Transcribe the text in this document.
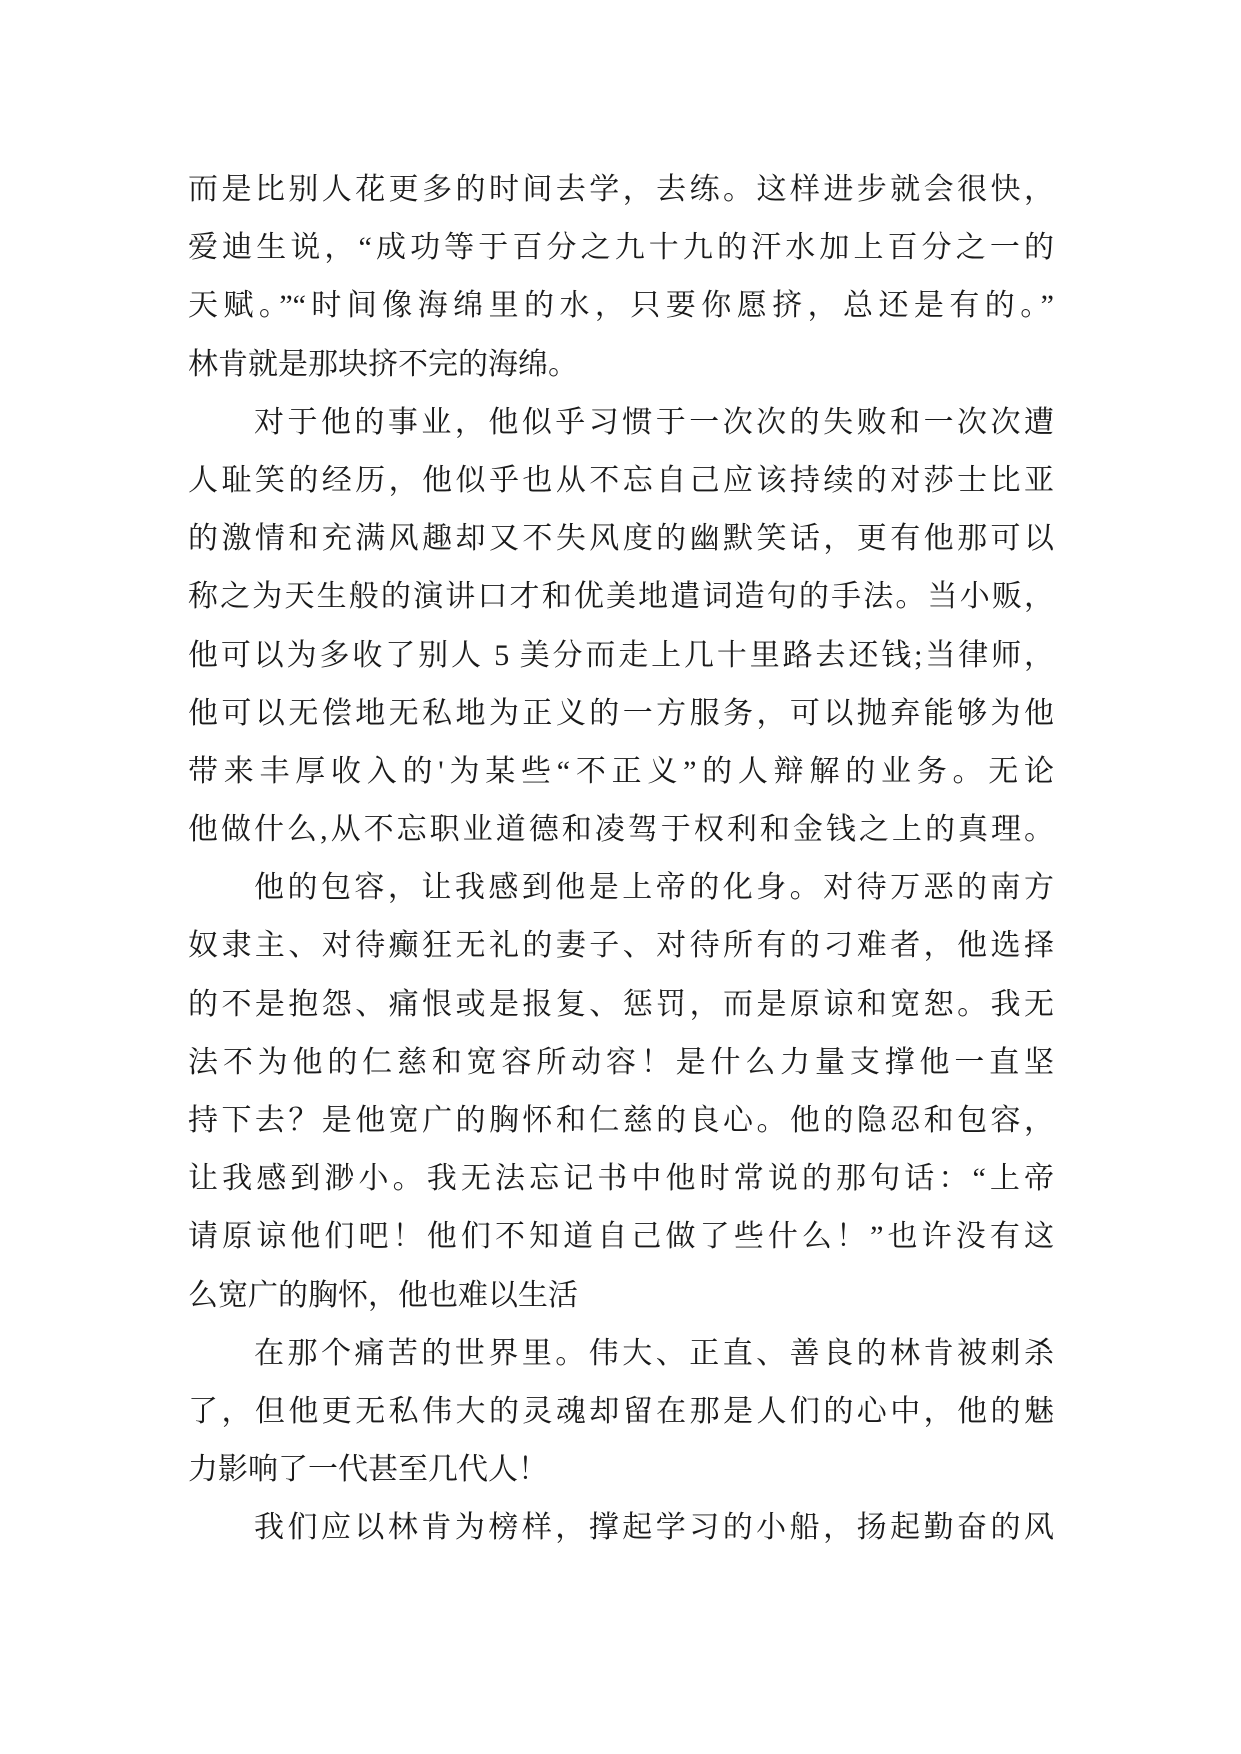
而是比别人花更多的时间去学，去练。这样进步就会很快，
爱迪生说，“成功等于百分之九十九的汗水加上百分之一的
天赋。”“时间像海绵里的水，只要你愿挤，总还是有的。”
林肯就是那块挤不完的海绵。
对于他的事业，他似乎习惯于一次次的失败和一次次遭
人耻笑的经历，他似乎也从不忘自己应该持续的对莎士比亚
的激情和充满风趣却又不失风度的幽默笑话，更有他那可以
称之为天生般的演讲口才和优美地遣词造句的手法。当小贩，
他可以为多收了别人 5 美分而走上几十里路去还钱;当律师，
他可以无偿地无私地为正义的一方服务，可以抛弃能够为他
带来丰厚收入的'为某些“不正义”的人辩解的业务。无论
他做什么,从不忘职业道德和凌驾于权利和金钱之上的真理。
他的包容，让我感到他是上帝的化身。对待万恶的南方
奴隶主、对待癫狂无礼的妻子、对待所有的刁难者，他选择
的不是抱怨、痛恨或是报复、惩罚，而是原谅和宽恕。我无
法不为他的仁慈和宽容所动容！是什么力量支撑他一直坚
持下去？是他宽广的胸怀和仁慈的良心。他的隐忍和包容，
让我感到渺小。我无法忘记书中他时常说的那句话：“上帝
请原谅他们吧！他们不知道自己做了些什么！”也许没有这
么宽广的胸怀，他也难以生活
在那个痛苦的世界里。伟大、正直、善良的林肯被刺杀
了，但他更无私伟大的灵魂却留在那是人们的心中，他的魅
力影响了一代甚至几代人！
我们应以林肯为榜样，撑起学习的小船，扬起勤奋的风
